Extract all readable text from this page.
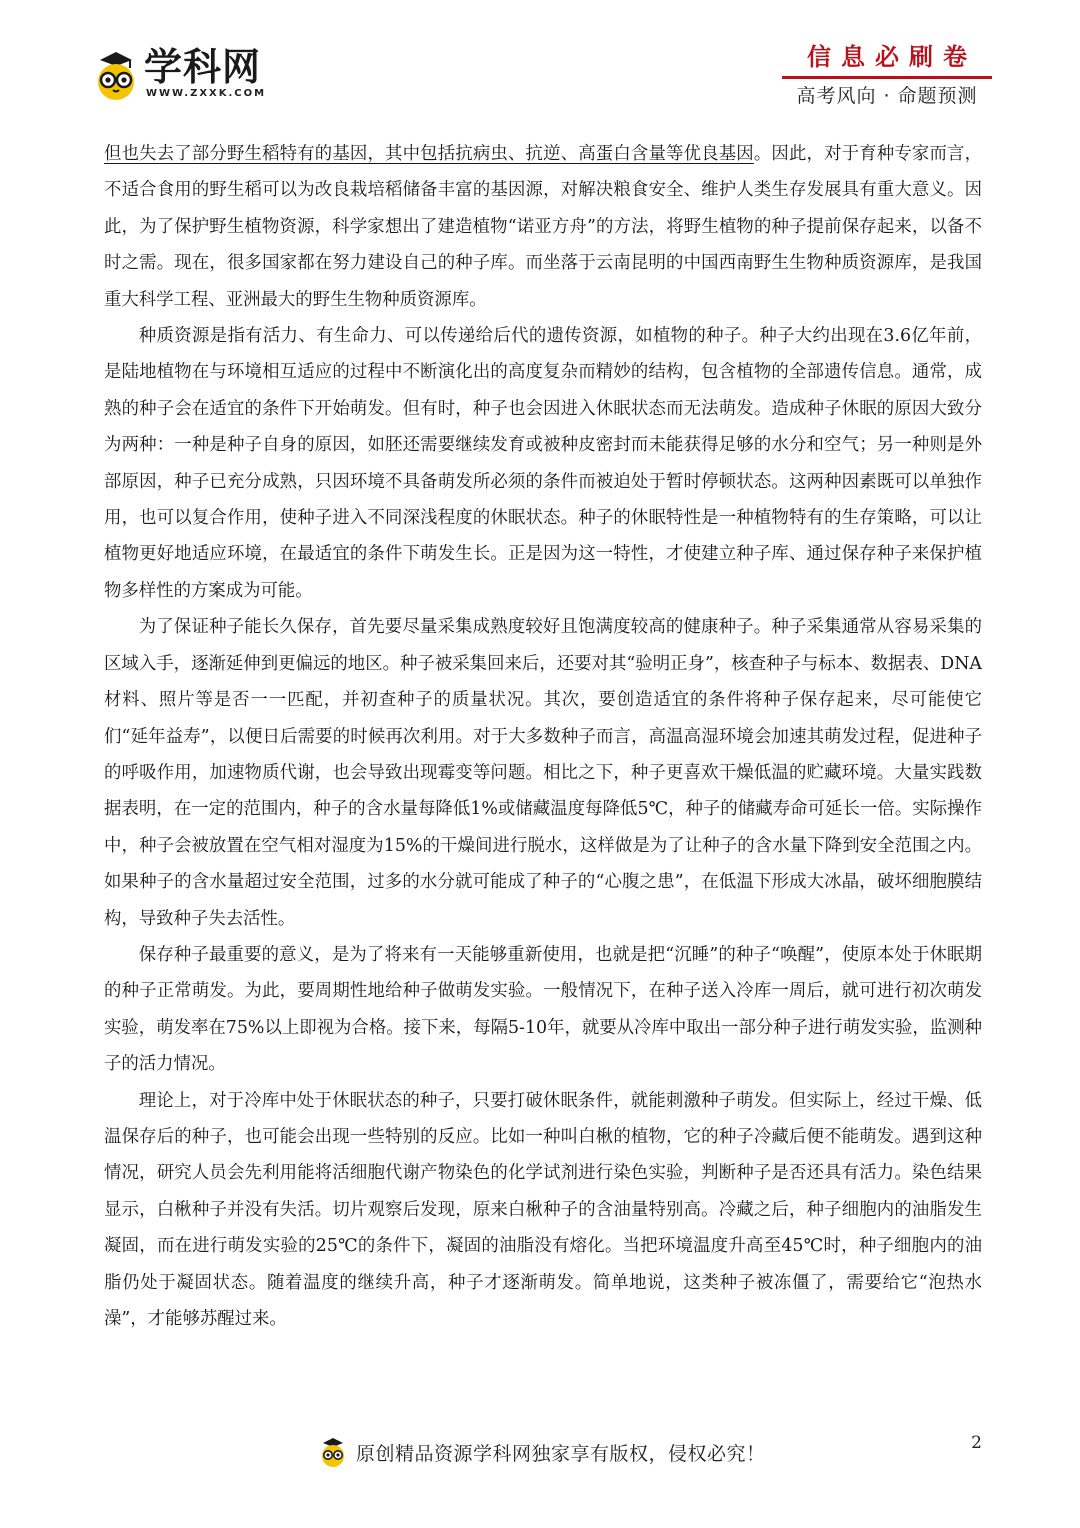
学科网
WWW.ZXXK.COM
信息必刷卷
高考风向 · 命题预测

但也失去了部分野生稻特有的基因，其中包括抗病虫、抗逆、高蛋白含量等优良基因。因此，对于育种专家而言，不适合食用的野生稻可以为改良栽培稻储备丰富的基因源，对解决粮食安全、维护人类生存发展具有重大意义。因此，为了保护野生植物资源，科学家想出了建造植物“诺亚方舟”的方法，将野生植物的种子提前保存起来，以备不时之需。现在，很多国家都在努力建设自己的种子库。而坐落于云南昆明的中国西南野生生物种质资源库，是我国重大科学工程、亚洲最大的野生生物种质资源库。

种质资源是指有活力、有生命力、可以传递给后代的遗传资源，如植物的种子。种子大约出现在3.6亿年前，是陆地植物在与环境相互适应的过程中不断演化出的高度复杂而精妙的结构，包含植物的全部遗传信息。通常，成熟的种子会在适宜的条件下开始萌发。但有时，种子也会因进入休眠状态而无法萌发。造成种子休眠的原因大致分为两种：一种是种子自身的原因，如胚还需要继续发育或被种皮密封而未能获得足够的水分和空气；另一种则是外部原因，种子已充分成熟，只因环境不具备萌发所必须的条件而被迫处于暂时停顿状态。这两种因素既可以单独作用，也可以复合作用，使种子进入不同深浅程度的休眠状态。种子的休眠特性是一种植物特有的生存策略，可以让植物更好地适应环境，在最适宜的条件下萌发生长。正是因为这一特性，才使建立种子库、通过保存种子来保护植物多样性的方案成为可能。

为了保证种子能长久保存，首先要尽量采集成熟度较好且饱满度较高的健康种子。种子采集通常从容易采集的区域入手，逐渐延伸到更偏远的地区。种子被采集回来后，还要对其“验明正身”，核查种子与标本、数据表、DNA材料、照片等是否一一匹配，并初查种子的质量状况。其次，要创造适宜的条件将种子保存起来，尽可能使它们“延年益寿”，以便日后需要的时候再次利用。对于大多数种子而言，高温高湿环境会加速其萌发过程，促进种子的呼吸作用，加速物质代谢，也会导致出现霉变等问题。相比之下，种子更喜欢干燥低温的贮藏环境。大量实践数据表明，在一定的范围内，种子的含水量每降低1%或储藏温度每降低5℃，种子的储藏寿命可延长一倍。实际操作中，种子会被放置在空气相对湿度为15%的干燥间进行脱水，这样做是为了让种子的含水量下降到安全范围之内。如果种子的含水量超过安全范围，过多的水分就可能成了种子的“心腹之患”，在低温下形成大冰晶，破坏细胞膜结构，导致种子失去活性。

保存种子最重要的意义，是为了将来有一天能够重新使用，也就是把“沉睡”的种子“唤醒”，使原本处于休眠期的种子正常萌发。为此，要周期性地给种子做萌发实验。一般情况下，在种子送入冷库一周后，就可进行初次萌发实验，萌发率在75%以上即视为合格。接下来，每隔5-10年，就要从冷库中取出一部分种子进行萌发实验，监测种子的活力情况。

理论上，对于冷库中处于休眠状态的种子，只要打破休眠条件，就能刺激种子萌发。但实际上，经过干燥、低温保存后的种子，也可能会出现一些特别的反应。比如一种叫白楸的植物，它的种子冷藏后便不能萌发。遇到这种情况，研究人员会先利用能将活细胞代谢产物染色的化学试剂进行染色实验，判断种子是否还具有活力。染色结果显示，白楸种子并没有失活。切片观察后发现，原来白楸种子的含油量特别高。冷藏之后，种子细胞内的油脂发生凝固，而在进行萌发实验的25℃的条件下，凝固的油脂没有熔化。当把环境温度升高至45℃时，种子细胞内的油脂仍处于凝固状态。随着温度的继续升高，种子才逐渐萌发。简单地说，这类种子被冻僵了，需要给它“泡热水澡”，才能够苏醒过来。

原创精品资源学科网独家享有版权，侵权必究！	2
